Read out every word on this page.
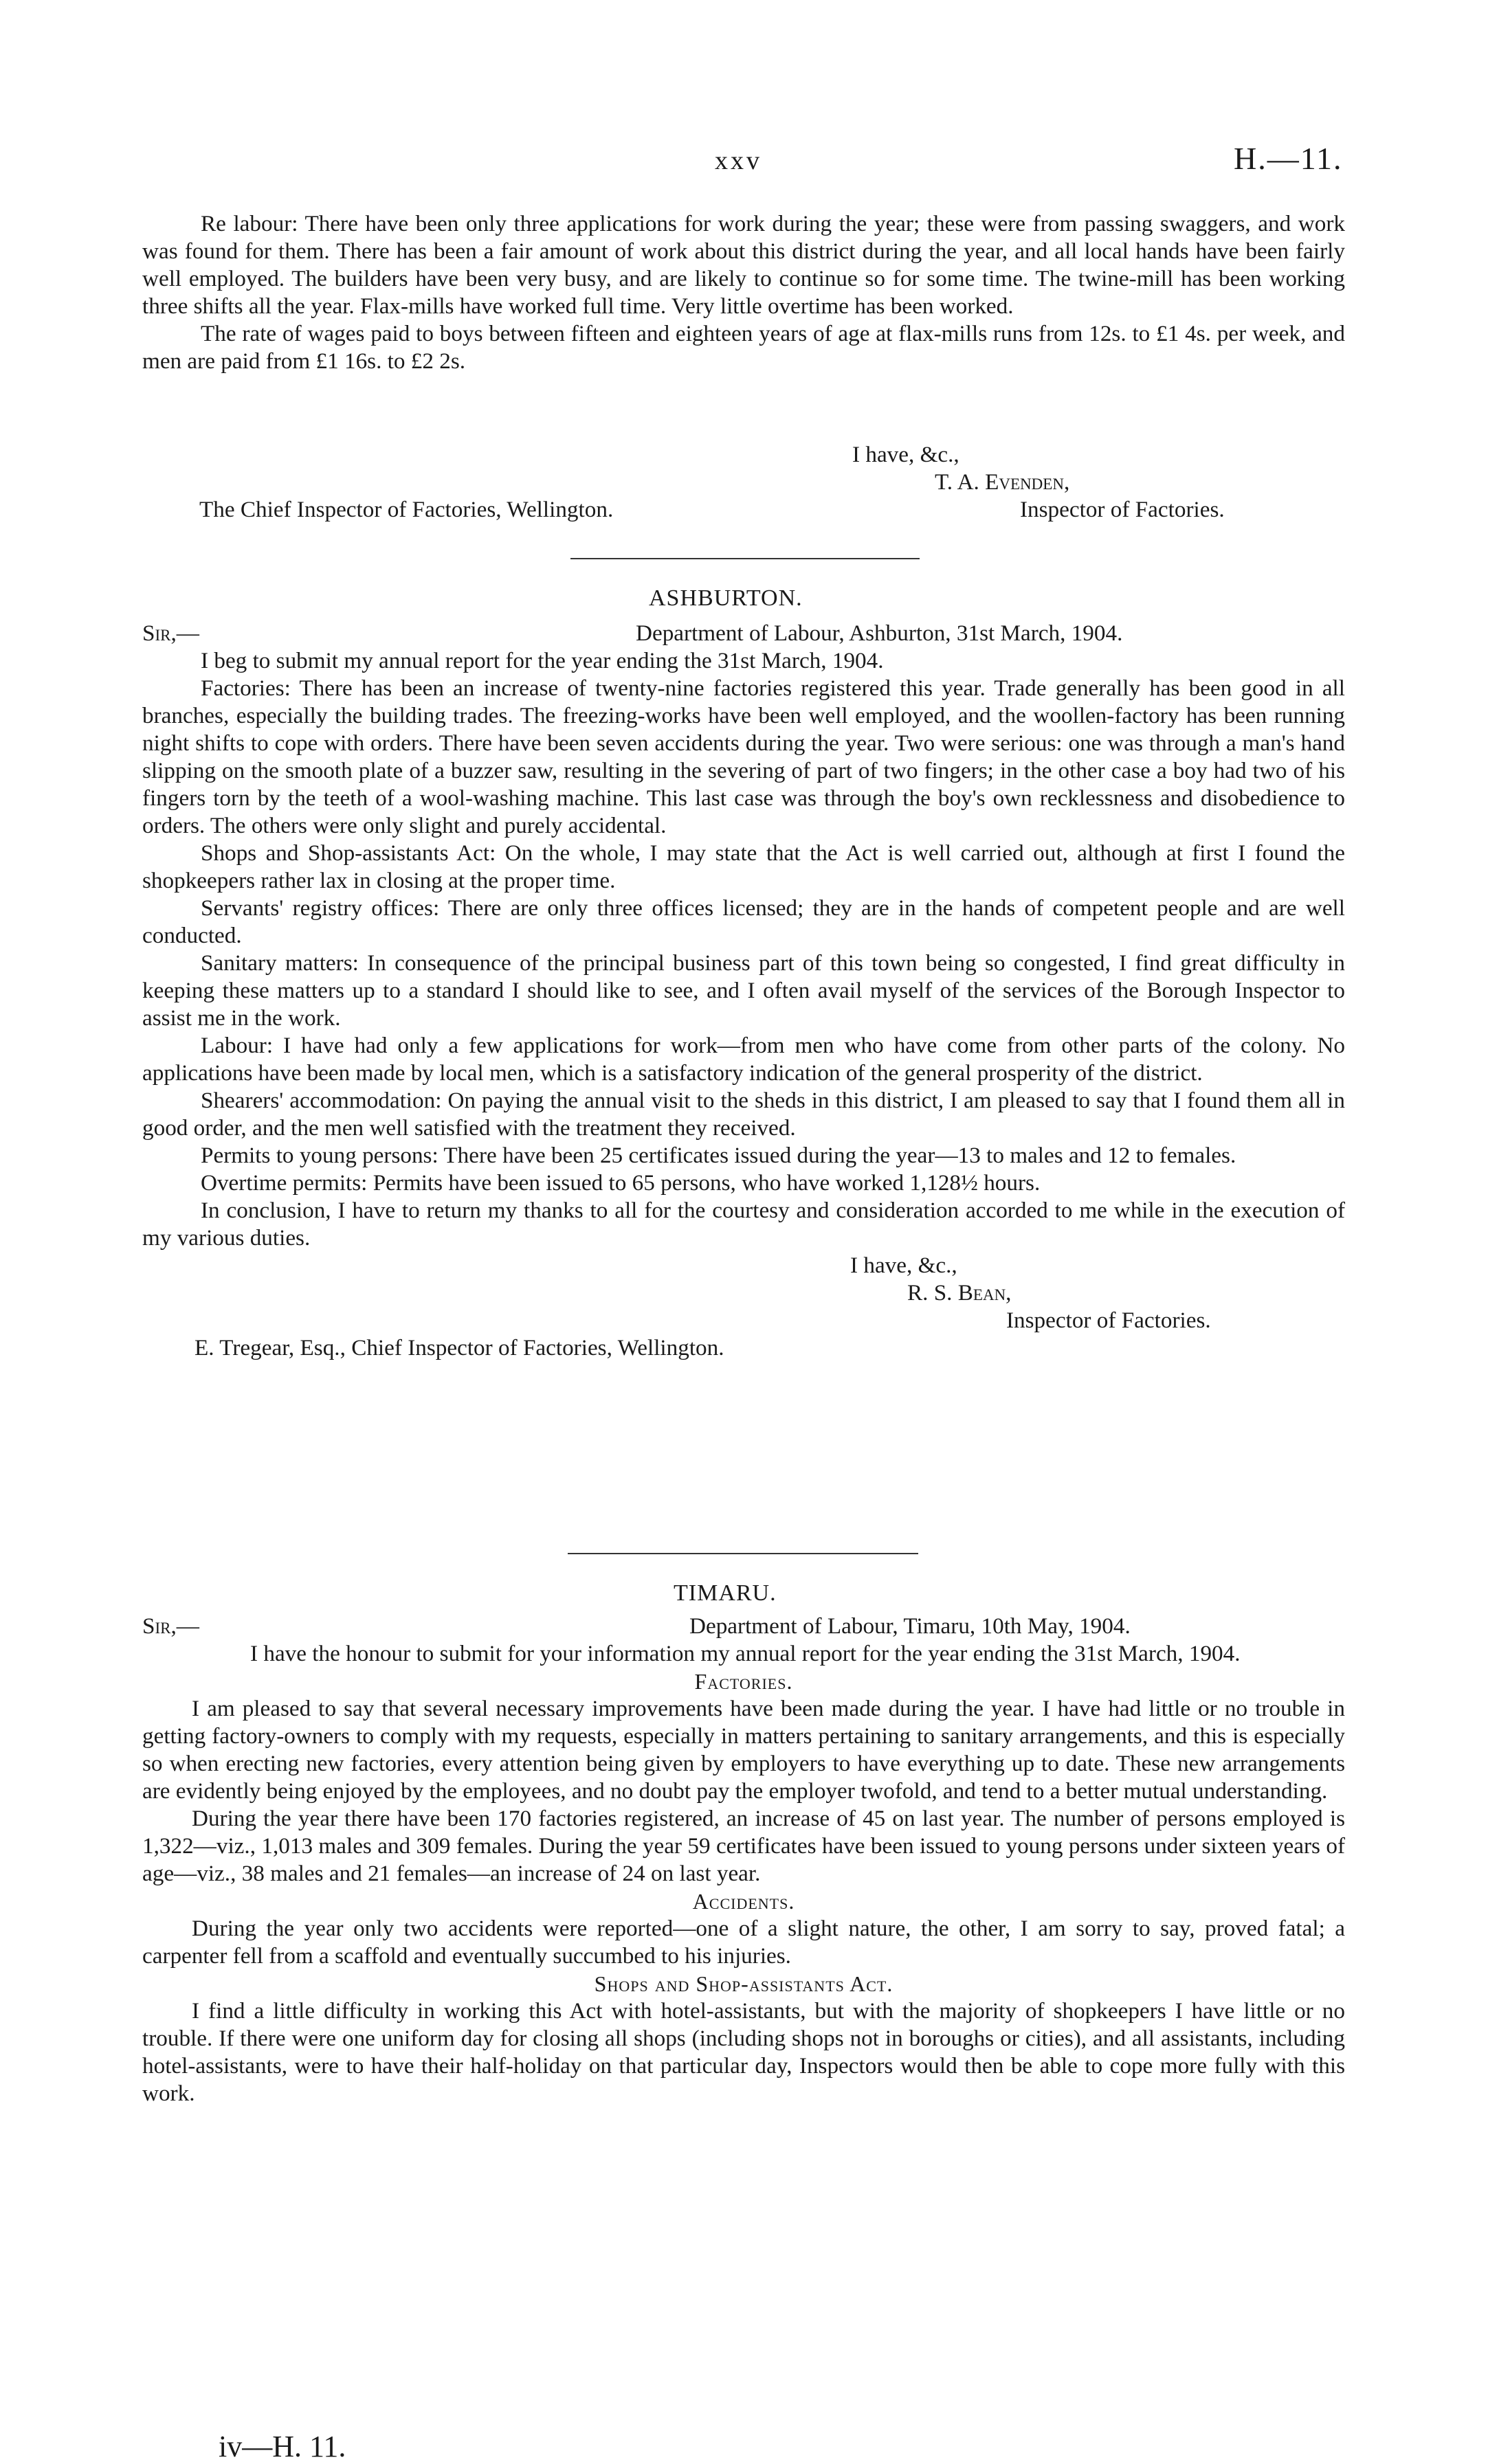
xxv	H.—11.

Re labour: There have been only three applications for work during the year; these were from passing swaggers, and work was found for them. There has been a fair amount of work about this district during the year, and all local hands have been fairly well employed. The builders have been very busy, and are likely to continue so for some time. The twine-mill has been working three shifts all the year. Flax-mills have worked full time. Very little overtime has been worked.

The rate of wages paid to boys between fifteen and eighteen years of age at flax-mills runs from 12s. to £1 4s. per week, and men are paid from £1 16s. to £2 2s.

I have, &c.,

T. A. Evenden,

The Chief Inspector of Factories, Wellington.	Inspector of Factories.
ASHBURTON.
Sir,—	Department of Labour, Ashburton, 31st March, 1904.

I beg to submit my annual report for the year ending the 31st March, 1904.

Factories: There has been an increase of twenty-nine factories registered this year. Trade generally has been good in all branches, especially the building trades. The freezing-works have been well employed, and the woollen-factory has been running night shifts to cope with orders. There have been seven accidents during the year. Two were serious: one was through a man's hand slipping on the smooth plate of a buzzer saw, resulting in the severing of part of two fingers; in the other case a boy had two of his fingers torn by the teeth of a wool-washing machine. This last case was through the boy's own recklessness and disobedience to orders. The others were only slight and purely accidental.

Shops and Shop-assistants Act: On the whole, I may state that the Act is well carried out, although at first I found the shopkeepers rather lax in closing at the proper time.

Servants' registry offices: There are only three offices licensed; they are in the hands of competent people and are well conducted.

Sanitary matters: In consequence of the principal business part of this town being so congested, I find great difficulty in keeping these matters up to a standard I should like to see, and I often avail myself of the services of the Borough Inspector to assist me in the work.

Labour: I have had only a few applications for work—from men who have come from other parts of the colony. No applications have been made by local men, which is a satisfactory indication of the general prosperity of the district.

Shearers' accommodation: On paying the annual visit to the sheds in this district, I am pleased to say that I found them all in good order, and the men well satisfied with the treatment they received.

Permits to young persons: There have been 25 certificates issued during the year—13 to males and 12 to females.

Overtime permits: Permits have been issued to 65 persons, who have worked 1,128½ hours.

In conclusion, I have to return my thanks to all for the courtesy and consideration accorded to me while in the execution of my various duties.

I have, &c.,

R. S. Bean,

Inspector of Factories.

E. Tregear, Esq., Chief Inspector of Factories, Wellington.

TIMARU.
Sir,—	Department of Labour, Timaru, 10th May, 1904.

I have the honour to submit for your information my annual report for the year ending the 31st March, 1904.

Factories.

I am pleased to say that several necessary improvements have been made during the year. I have had little or no trouble in getting factory-owners to comply with my requests, especially in matters pertaining to sanitary arrangements, and this is especially so when erecting new factories, every attention being given by employers to have everything up to date. These new arrangements are evidently being enjoyed by the employees, and no doubt pay the employer twofold, and tend to a better mutual understanding.

During the year there have been 170 factories registered, an increase of 45 on last year. The number of persons employed is 1,322—viz., 1,013 males and 309 females. During the year 59 certificates have been issued to young persons under sixteen years of age—viz., 38 males and 21 females—an increase of 24 on last year.

Accidents.

During the year only two accidents were reported—one of a slight nature, the other, I am sorry to say, proved fatal; a carpenter fell from a scaffold and eventually succumbed to his injuries.

Shops and Shop-assistants Act.

I find a little difficulty in working this Act with hotel-assistants, but with the majority of shopkeepers I have little or no trouble. If there were one uniform day for closing all shops (including shops not in boroughs or cities), and all assistants, including hotel-assistants, were to have their half-holiday on that particular day, Inspectors would then be able to cope more fully with this work.

iv—H. 11.
